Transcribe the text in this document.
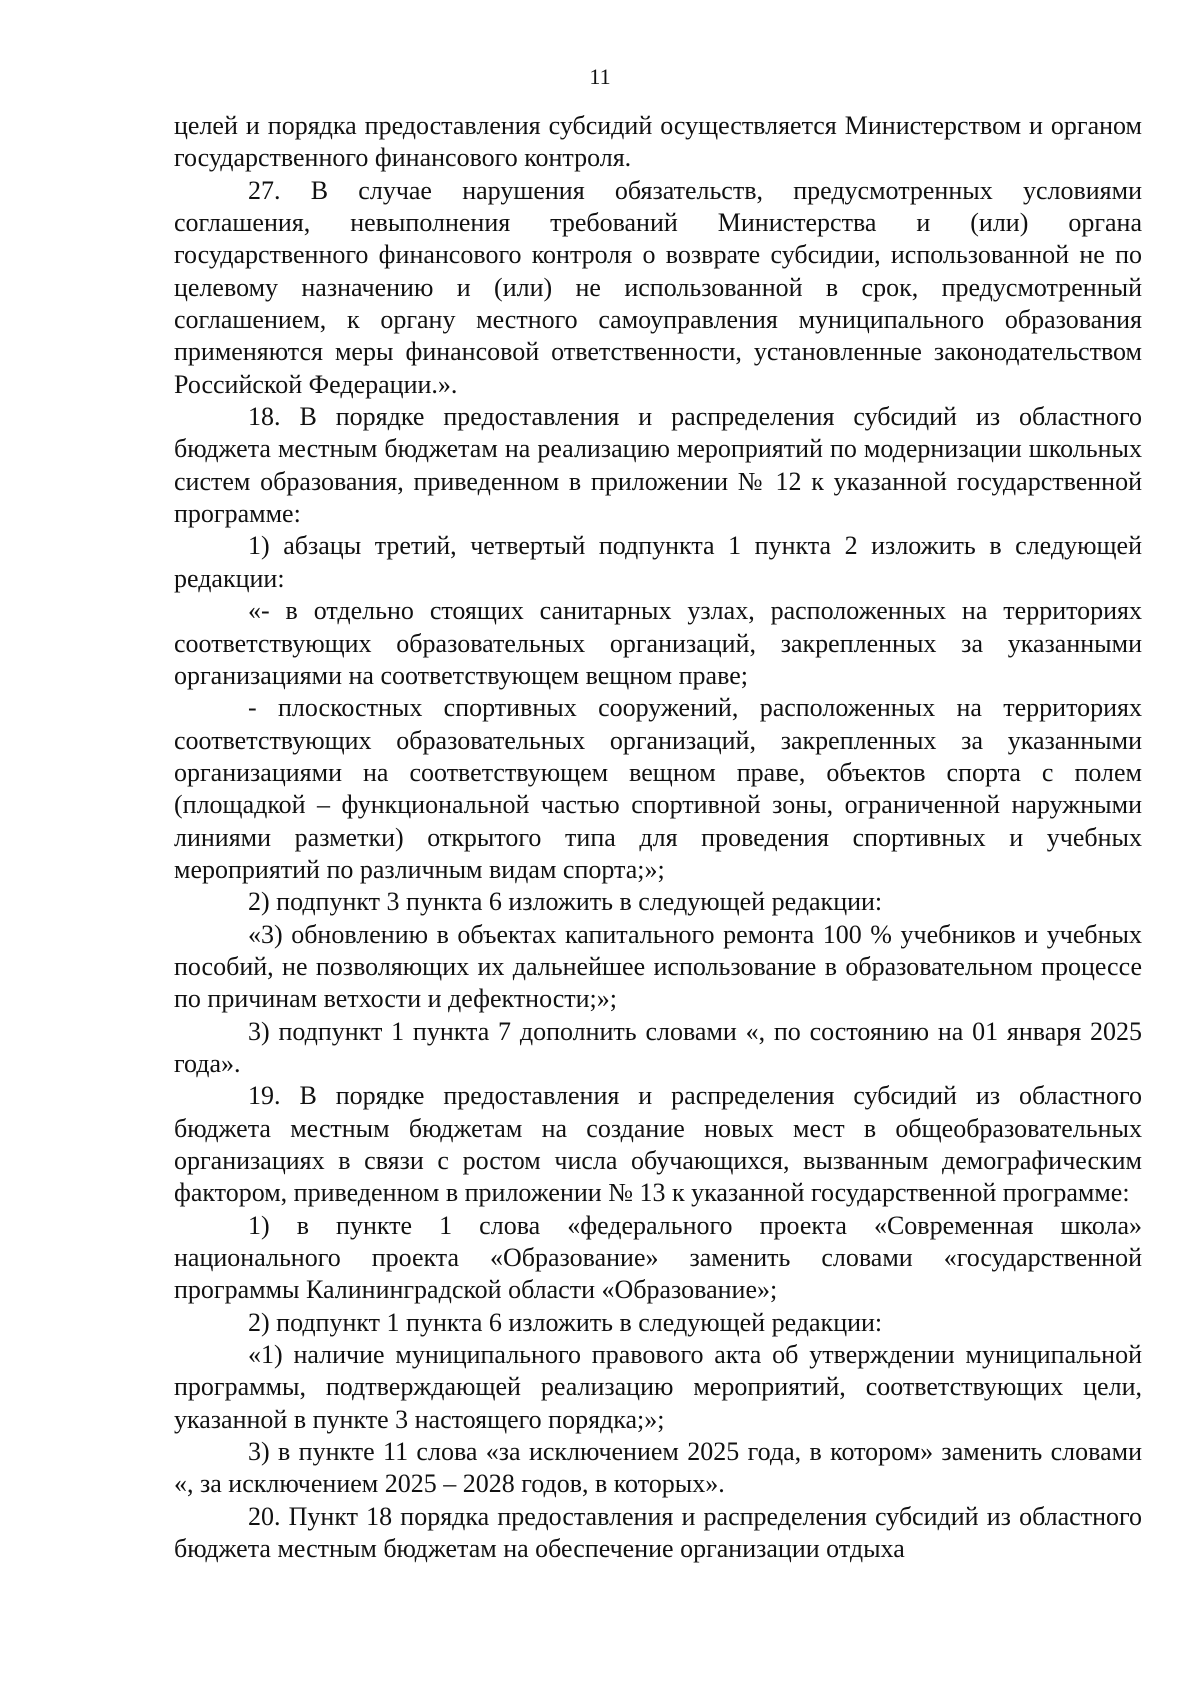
11

целей и порядка предоставления субсидий осуществляется Министерством и органом государственного финансового контроля.

27. В случае нарушения обязательств, предусмотренных условиями соглашения, невыполнения требований Министерства и (или) органа государственного финансового контроля о возврате субсидии, использованной не по целевому назначению и (или) не использованной в срок, предусмотренный соглашением, к органу местного самоуправления муниципального образования применяются меры финансовой ответственности, установленные законодательством Российской Федерации.».

18. В порядке предоставления и распределения субсидий из областного бюджета местным бюджетам на реализацию мероприятий по модернизации школьных систем образования, приведенном в приложении № 12 к указанной государственной программе:

1) абзацы третий, четвертый подпункта 1 пункта 2 изложить в следующей редакции:

«- в отдельно стоящих санитарных узлах, расположенных на территориях соответствующих образовательных организаций, закрепленных за указанными организациями на соответствующем вещном праве;

- плоскостных спортивных сооружений, расположенных на территориях соответствующих образовательных организаций, закрепленных за указанными организациями на соответствующем вещном праве, объектов спорта с полем (площадкой – функциональной частью спортивной зоны, ограниченной наружными линиями разметки) открытого типа для проведения спортивных и учебных мероприятий по различным видам спорта;»;

2) подпункт 3 пункта 6 изложить в следующей редакции:

«3) обновлению в объектах капитального ремонта 100 % учебников и учебных пособий, не позволяющих их дальнейшее использование в образовательном процессе по причинам ветхости и дефектности;»;

3) подпункт 1 пункта 7 дополнить словами «, по состоянию на 01 января 2025 года».

19. В порядке предоставления и распределения субсидий из областного бюджета местным бюджетам на создание новых мест в общеобразовательных организациях в связи с ростом числа обучающихся, вызванным демографическим фактором, приведенном в приложении № 13 к указанной государственной программе:

1) в пункте 1 слова «федерального проекта «Современная школа» национального проекта «Образование» заменить словами «государственной программы Калининградской области «Образование»;

2) подпункт 1 пункта 6 изложить в следующей редакции:

«1) наличие муниципального правового акта об утверждении муниципальной программы, подтверждающей реализацию мероприятий, соответствующих цели, указанной в пункте 3 настоящего порядка;»;

3) в пункте 11 слова «за исключением 2025 года, в котором» заменить словами «, за исключением 2025 – 2028 годов, в которых».

20. Пункт 18 порядка предоставления и распределения субсидий из областного бюджета местным бюджетам на обеспечение организации отдыха
